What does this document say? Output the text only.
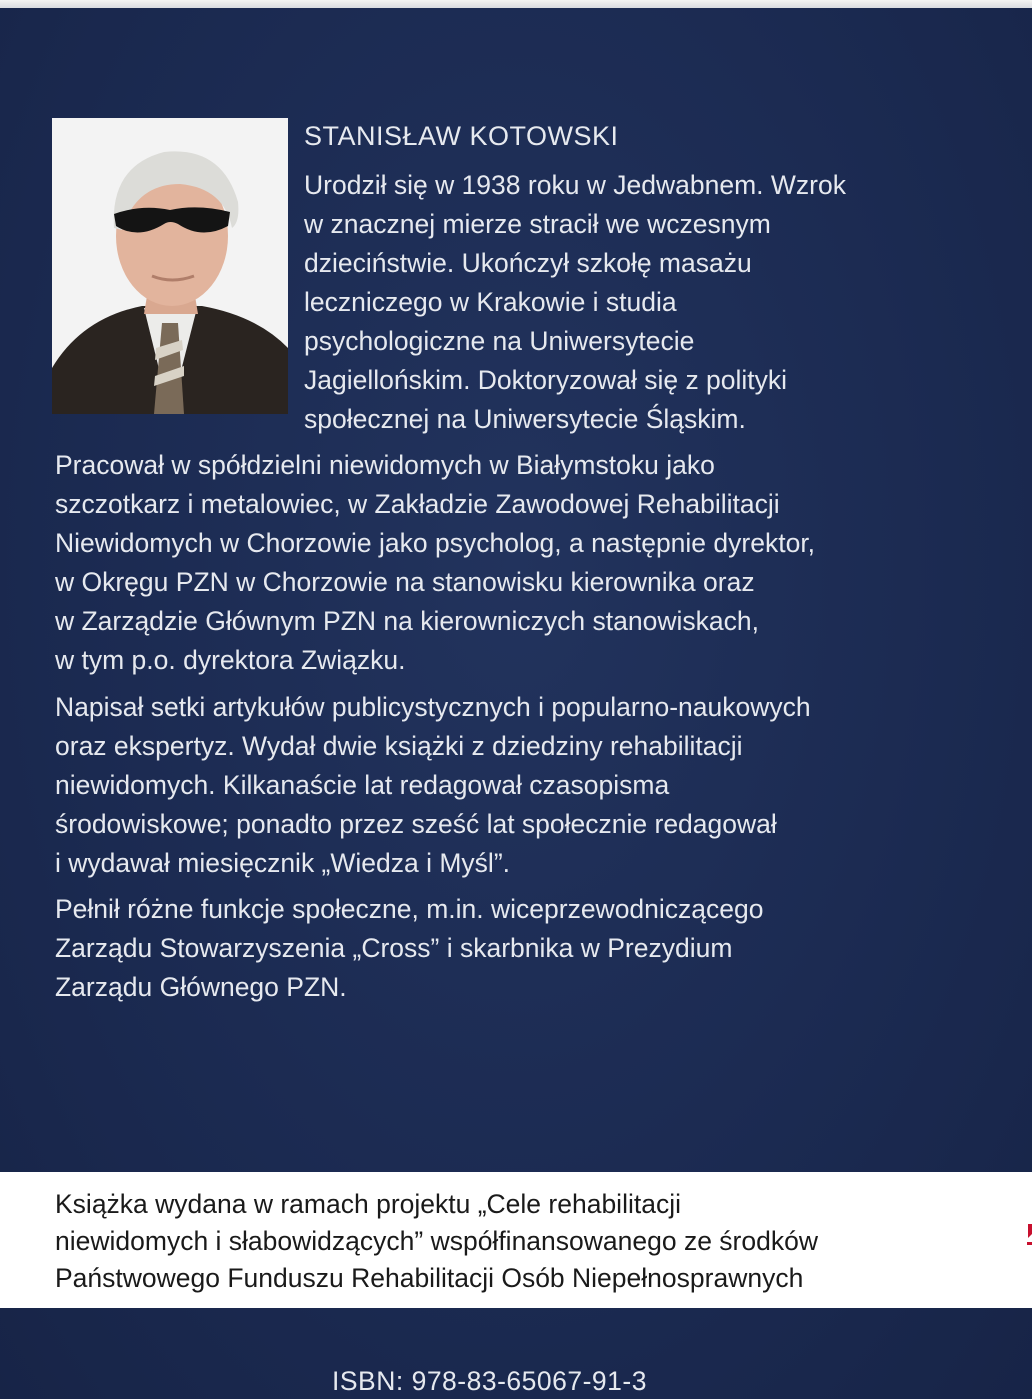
STANISŁAW KOTOWSKI

Urodził się w 1938 roku w Jedwabnem. Wzrok
w znacznej mierze stracił we wczesnym
dzieciństwie. Ukończył szkołę masażu
leczniczego w Krakowie i studia
psychologiczne na Uniwersytecie
Jagiellońskim. Doktoryzował się z polityki
społecznej na Uniwersytecie Śląskim.

Pracował w spółdzielni niewidomych w Białymstoku jako
szczotkarz i metalowiec, w Zakładzie Zawodowej Rehabilitacji
Niewidomych w Chorzowie jako psycholog, a następnie dyrektor,
w Okręgu PZN w Chorzowie na stanowisku kierownika oraz
w Zarządzie Głównym PZN na kierowniczych stanowiskach,
w tym p.o. dyrektora Związku.

Napisał setki artykułów publicystycznych i popularno-naukowych
oraz ekspertyz. Wydał dwie książki z dziedziny rehabilitacji
niewidomych. Kilkanaście lat redagował czasopisma
środowiskowe; ponadto przez sześć lat społecznie redagował
i wydawał miesięcznik „Wiedza i Myśl”.

Pełnił różne funkcje społeczne, m.in. wiceprzewodniczącego
Zarządu Stowarzyszenia „Cross” i skarbnika w Prezydium
Zarządu Głównego PZN.

Książka wydana w ramach projektu „Cele rehabilitacji
niewidomych i słabowidzących” współfinansowanego ze środków
Państwowego Funduszu Rehabilitacji Osób Niepełnosprawnych

ISBN: 978-83-65067-91-3
